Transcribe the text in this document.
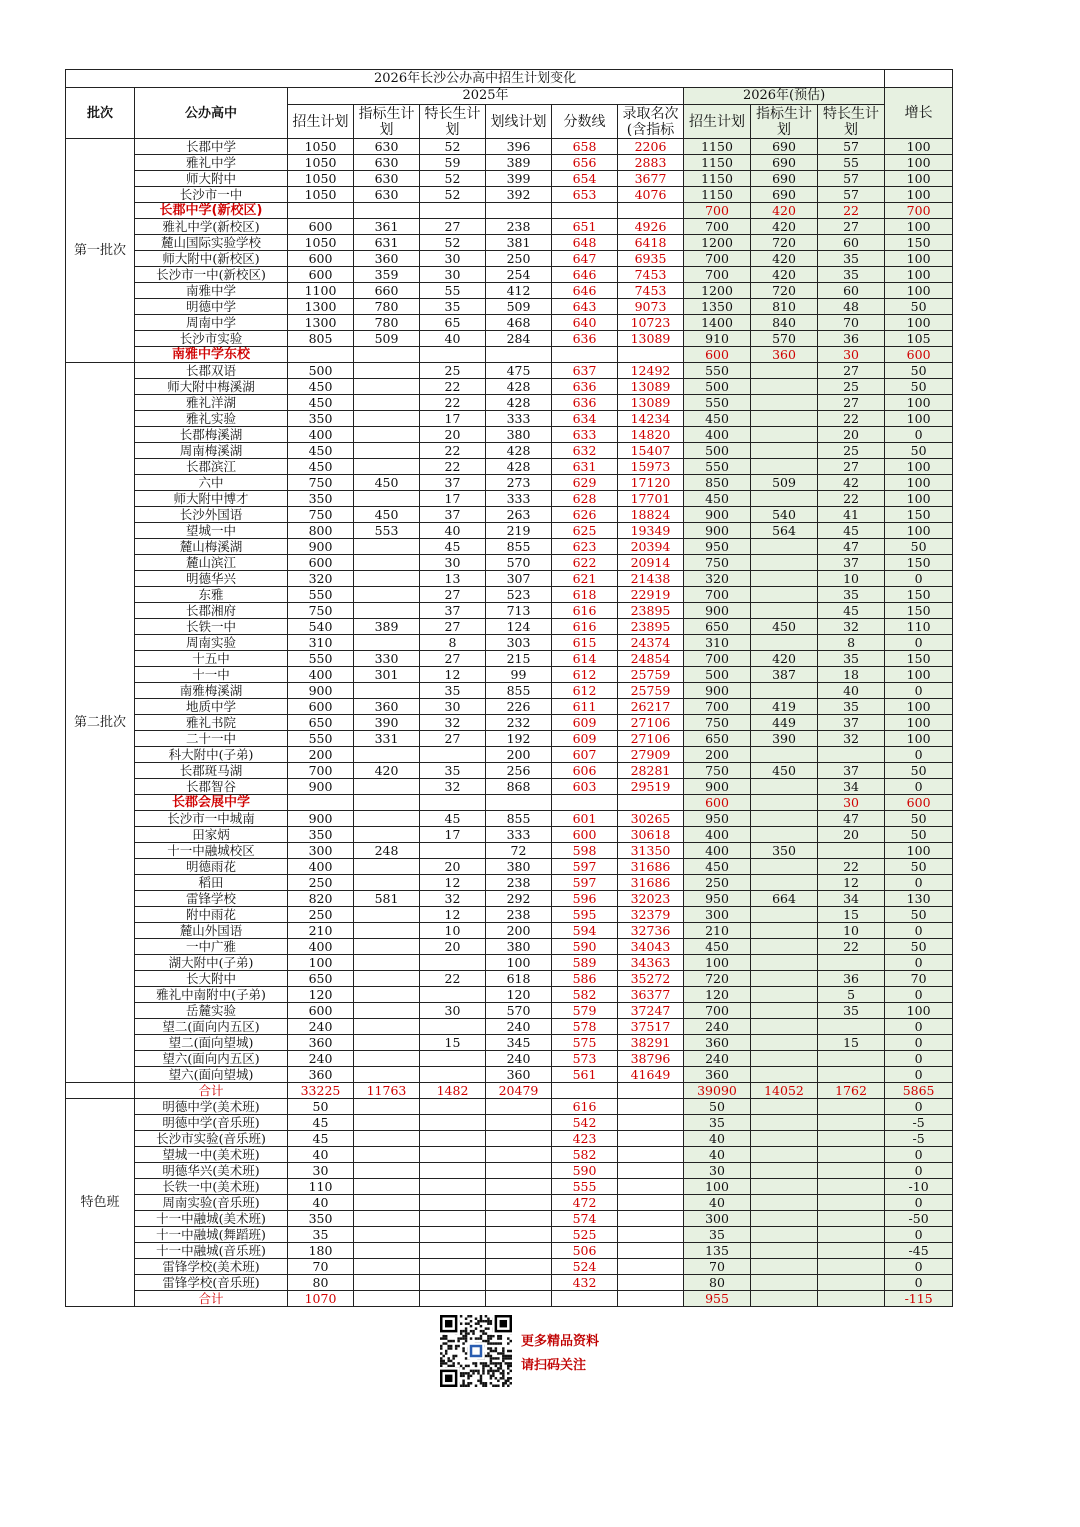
2026年长沙公办高中招生计划变化											
批次	公办高中	2025年						2026年(预估)			增长
		招生计划	指标生计划	特长生计划	划线计划	分数线	录取名次(含指标	招生计划	指标生计划	特长生计划	
第一批次	长郡中学	1050	630	52	396	658	2206	1150	690	57	100
	雅礼中学	1050	630	59	389	656	2883	1150	690	55	100
	师大附中	1050	630	52	399	654	3677	1150	690	57	100
	长沙市一中	1050	630	52	392	653	4076	1150	690	57	100
	长郡中学(新校区)							700	420	22	700
	雅礼中学(新校区)	600	361	27	238	651	4926	700	420	27	100
	麓山国际实验学校	1050	631	52	381	648	6418	1200	720	60	150
	师大附中(新校区)	600	360	30	250	647	6935	700	420	35	100
	长沙市一中(新校区)	600	359	30	254	646	7453	700	420	35	100
	南雅中学	1100	660	55	412	646	7453	1200	720	60	100
	明德中学	1300	780	35	509	643	9073	1350	810	48	50
	周南中学	1300	780	65	468	640	10723	1400	840	70	100
	长沙市实验	805	509	40	284	636	13089	910	570	36	105
	南雅中学东校							600	360	30	600
第二批次	长郡双语	500		25	475	637	12492	550		27	50
	师大附中梅溪湖	450		22	428	636	13089	500		25	50
	雅礼洋湖	450		22	428	636	13089	550		27	100
	雅礼实验	350		17	333	634	14234	450		22	100
	长郡梅溪湖	400		20	380	633	14820	400		20	0
	周南梅溪湖	450		22	428	632	15407	500		25	50
	长郡滨江	450		22	428	631	15973	550		27	100
	六中	750	450	37	273	629	17120	850	509	42	100
	师大附中博才	350		17	333	628	17701	450		22	100
	长沙外国语	750	450	37	263	626	18824	900	540	41	150
	望城一中	800	553	40	219	625	19349	900	564	45	100
	麓山梅溪湖	900		45	855	623	20394	950		47	50
	麓山滨江	600		30	570	622	20914	750		37	150
	明德华兴	320		13	307	621	21438	320		10	0
	东雅	550		27	523	618	22919	700		35	150
	长郡湘府	750		37	713	616	23895	900		45	150
	长铁一中	540	389	27	124	616	23895	650	450	32	110
	周南实验	310		8	303	615	24374	310		8	0
	十五中	550	330	27	215	614	24854	700	420	35	150
	十一中	400	301	12	99	612	25759	500	387	18	100
	南雅梅溪湖	900		35	855	612	25759	900		40	0
	地质中学	600	360	30	226	611	26217	700	419	35	100
	雅礼书院	650	390	32	232	609	27106	750	449	37	100
	二十一中	550	331	27	192	609	27106	650	390	32	100
	科大附中(子弟)	200			200	607	27909	200			0
	长郡斑马湖	700	420	35	256	606	28281	750	450	37	50
	长郡智谷	900		32	868	603	29519	900		34	0
	长郡会展中学							600		30	600
	长沙市一中城南	900		45	855	601	30265	950		47	50
	田家炳	350		17	333	600	30618	400		20	50
	十一中融城校区	300	248		72	598	31350	400	350		100
	明德雨花	400		20	380	597	31686	450		22	50
	稻田	250		12	238	597	31686	250		12	0
	雷锋学校	820	581	32	292	596	32023	950	664	34	130
	附中雨花	250		12	238	595	32379	300		15	50
	麓山外国语	210		10	200	594	32736	210		10	0
	一中广雅	400		20	380	590	34043	450		22	50
	湖大附中(子弟)	100			100	589	34363	100			0
	长大附中	650		22	618	586	35272	720		36	70
	雅礼中南附中(子弟)	120			120	582	36377	120		5	0
	岳麓实验	600		30	570	579	37247	700		35	100
	望二(面向内五区)	240			240	578	37517	240			0
	望二(面向望城)	360		15	345	575	38291	360		15	0
	望六(面向内五区)	240			240	573	38796	240			0
	望六(面向望城)	360			360	561	41649	360			0
	合计	33225	11763	1482	20479			39090	14052	1762	5865
特色班	明德中学(美术班)	50				616		50			0
	明德中学(音乐班)	45				542		35			-5
	长沙市实验(音乐班)	45				423		40			-5
	望城一中(美术班)	40				582		40			0
	明德华兴(美术班)	30				590		30			0
	长铁一中(美术班)	110				555		100			-10
	周南实验(音乐班)	40				472		40			0
	十一中融城(美术班)	350				574		300			-50
	十一中融城(舞蹈班)	35				525		35			0
	十一中融城(音乐班)	180				506		135			-45
	雷锋学校(美术班)	70				524		70			0
	雷锋学校(音乐班)	80				432		80			0
	合计	1070						955			-115
更多精品资料
请扫码关注
